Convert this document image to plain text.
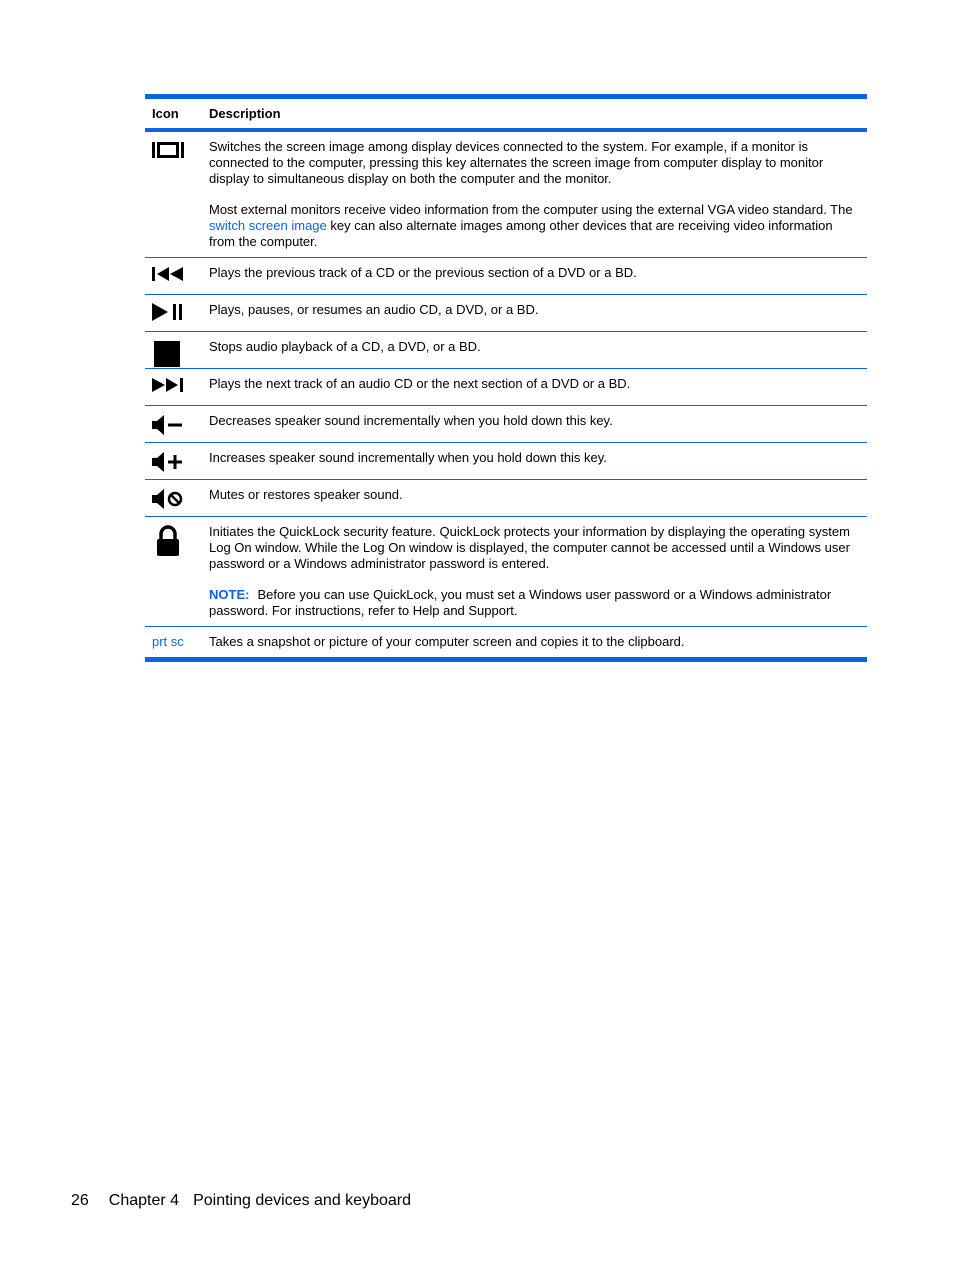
Icon	Description

Switches the screen image among display devices connected to the system. For example, if a monitor is connected to the computer, pressing this key alternates the screen image from computer display to monitor display to simultaneous display on both the computer and the monitor.

Most external monitors receive video information from the computer using the external VGA video standard. The switch screen image key can also alternate images among other devices that are receiving video information from the computer.

Plays the previous track of a CD or the previous section of a DVD or a BD.
Plays, pauses, or resumes an audio CD, a DVD, or a BD.
Stops audio playback of a CD, a DVD, or a BD.
Plays the next track of an audio CD or the next section of a DVD or a BD.
Decreases speaker sound incrementally when you hold down this key.
Increases speaker sound incrementally when you hold down this key.
Mutes or restores speaker sound.

Initiates the QuickLock security feature. QuickLock protects your information by displaying the operating system Log On window. While the Log On window is displayed, the computer cannot be accessed until a Windows user password or a Windows administrator password is entered.

NOTE: Before you can use QuickLock, you must set a Windows user password or a Windows administrator password. For instructions, refer to Help and Support.

prt sc	Takes a snapshot or picture of your computer screen and copies it to the clipboard.
26 Chapter 4 Pointing devices and keyboard
